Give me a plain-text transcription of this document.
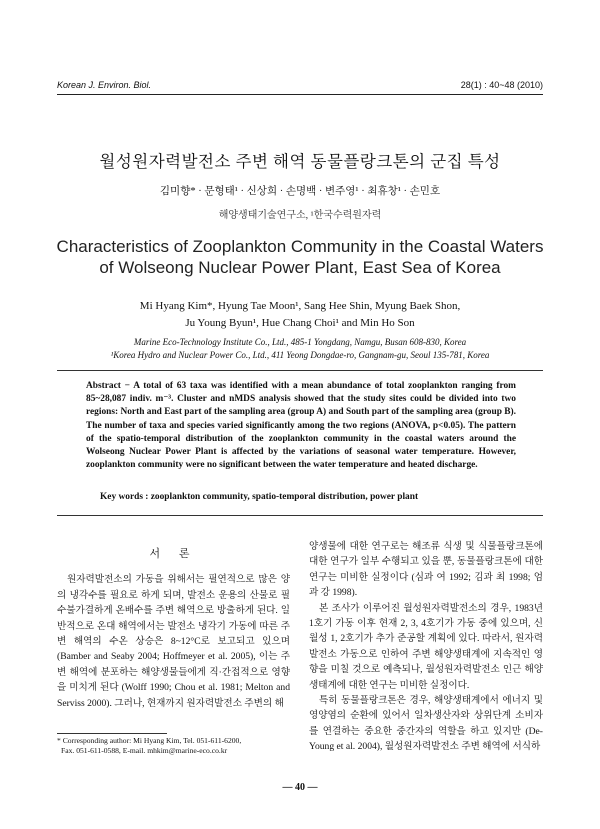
Korean J. Environ. Biol.	28(1) : 40~48 (2010)
월성원자력발전소 주변 해역 동물플랑크톤의 군집 특성
김미향* · 문형태¹ · 신상희 · 손명백 · 변주영¹ · 최휴창¹ · 손민호
해양생태기술연구소, ¹한국수력원자력
Characteristics of Zooplankton Community in the Coastal Waters
of Wolseong Nuclear Power Plant, East Sea of Korea
Mi Hyang Kim*, Hyung Tae Moon¹, Sang Hee Shin, Myung Baek Shon,
Ju Young Byun¹, Hue Chang Choi¹ and Min Ho Son
Marine Eco-Technology Institute Co., Ltd., 485-1 Yongdang, Namgu, Busan 608-830, Korea
¹Korea Hydro and Nuclear Power Co., Ltd., 411 Yeong Dongdae-ro, Gangnam-gu, Seoul 135-781, Korea
Abstract − A total of 63 taxa was identified with a mean abundance of total zooplankton ranging from 85~28,087 indiv. m⁻³. Cluster and nMDS analysis showed that the study sites could be divided into two regions: North and East part of the sampling area (group A) and South part of the sampling area (group B). The number of taxa and species varied significantly among the two regions (ANOVA, p<0.05). The pattern of the spatio-temporal distribution of the zooplankton community in the coastal waters around the Wolseong Nuclear Power Plant is affected by the variations of seasonal water temperature. However, zooplankton community were no significant between the water temperature and heated discharge.
Key words : zooplankton community, spatio-temporal distribution, power plant
서 론

원자력발전소의 가동을 위해서는 필연적으로 많은 양의 냉각수를 필요로 하게 되며, 발전소 운용의 산물로 필수불가결하게 온배수를 주변 해역으로 방출하게 된다. 일반적으로 온대 해역에서는 발전소 냉각기 가동에 따른 주변 해역의 수온 상승은 8~12°C로 보고되고 있으며 (Bamber and Seaby 2004; Hoffmeyer et al. 2005), 이는 주변 해역에 분포하는 해양생물들에게 직·간접적으로 영향을 미치게 된다 (Wolff 1990; Chou et al. 1981; Melton and Serviss 2000). 그러나, 현재까지 원자력발전소 주변의 해

양생물에 대한 연구로는 해조류 식생 및 식물플랑크톤에 대한 연구가 일부 수행되고 있을 뿐, 동물플랑크톤에 대한 연구는 미비한 실정이다 (심과 여 1992; 김과 최 1998; 엄과 강 1998).

본 조사가 이루어진 월성원자력발전소의 경우, 1983년 1호기 가동 이후 현재 2, 3, 4호기가 가동 중에 있으며, 신월성 1, 2호기가 추가 준공할 계획에 있다. 따라서, 원자력발전소 가동으로 인하여 주변 해양생태계에 지속적인 영향을 미칠 것으로 예측되나, 월성원자력발전소 인근 해양생태계에 대한 연구는 미비한 실정이다.

특히 동물플랑크톤은 경우, 해양생태계에서 에너지 및 영양염의 순환에 있어서 일차생산자와 상위단계 소비자를 연결하는 중요한 중간자의 역할을 하고 있지만 (De-Young et al. 2004), 월성원자력발전소 주변 해역에 서식하

* Corresponding author: Mi Hyang Kim, Tel. 051-611-6200,
Fax. 051-611-0588, E-mail. mhkim@marine-eco.co.kr
— 40 —
